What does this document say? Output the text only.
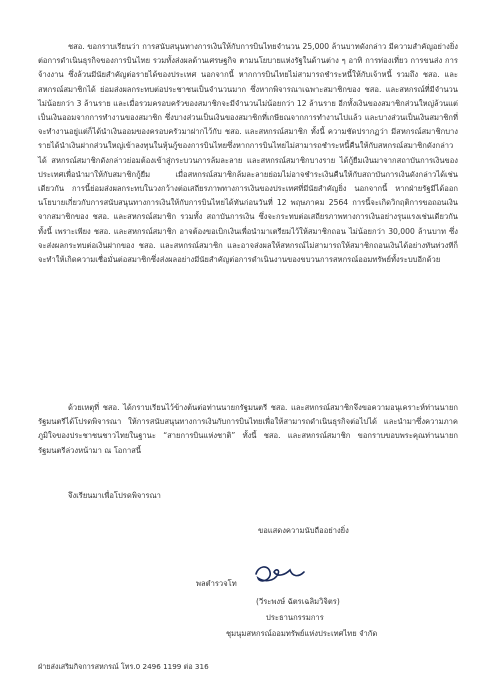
ชสอ. ขอกราบเรียนว่า การสนับสนุนทางการเงินให้กับการบินไทยจำนวน 25,000 ล้านบาทดังกล่าว มีความสำคัญอย่างยิ่งต่อการดำเนินธุรกิจของการบินไทย รวมทั้งส่งผลด้านเศรษฐกิจ ตามนโยบายแห่งรัฐในด้านต่าง ๆ อาทิ การท่องเที่ยว การขนส่ง การจ้างงาน ซึ่งล้วนมีนัยสำคัญต่อรายได้ของประเทศ นอกจากนี้ หากการบินไทยไม่สามารถชำระหนี้ให้กับเจ้าหนี้ รวมถึง ชสอ. และสหกรณ์สมาชิกได้ ย่อมส่งผลกระทบต่อประชาชนเป็นจำนวนมาก ซึ่งหากพิจารณาเฉพาะสมาชิกของ ชสอ. และสหกรณ์ที่มีจำนวนไม่น้อยกว่า 3 ล้านราย และเมื่อรวมครอบครัวของสมาชิกจะมีจำนวนไม่น้อยกว่า 12 ล้านราย อีกทั้งเงินของสมาชิกส่วนใหญ่ล้วนแต่เป็นเงินออมจากการทำงานของสมาชิก ซึ่งบางส่วนเป็นเงินของสมาชิกที่เกษียณจากการทำงานไปแล้ว และบางส่วนเป็นเงินสมาชิกที่จะทำงานอยู่แต่ก็ได้นำเงินออมของครอบครัวมาฝากไว้กับ ชสอ. และสหกรณ์สมาชิก ทั้งนี้ ความชัดปรากฏว่า มีสหกรณ์สมาชิกบางรายได้นำเงินฝากส่วนใหญ่เข้าลงทุนในหุ้นกู้ของการบินไทยซึ่งหากการบินไทยไม่สามารถชำระหนี้คืนให้กับสหกรณ์สมาชิกดังกล่าวได้ สหกรณ์สมาชิกดังกล่าวย่อมต้องเข้าสู่กระบวนการล้มละลาย และสหกรณ์สมาชิกบางราย ได้กู้ยืมเงินมาจากสถาบันการเงินของประเทศเพื่อนำมาให้กับสมาชิกกู้ยืม เมื่อสหกรณ์สมาชิกล้มละลายย่อมไม่อาจชำระเงินคืนให้กับสถาบันการเงินดังกล่าวได้เช่นเดียวกัน การนี้ย่อมส่งผลกระทบในวงกว้างต่อเสถียรภาพทางการเงินของประเทศที่มีนัยสำคัญยิ่ง นอกจากนี้ หากฝ่ายรัฐมีได้ออกนโยบายเกี่ยวกับการสนับสนุนทางการเงินให้กับการบินไทยได้ทันก่อนวันที่ 12 พฤษภาคม 2564 การนี้จะเกิดวิกฤติการขอถอนเงินจากสมาชิกของ ชสอ. และสหกรณ์สมาชิก รวมทั้ง สถาบันการเงิน ซึ่งจะกระทบต่อเสถียรภาพทางการเงินอย่างรุนแรงเช่นเดียวกัน ทั้งนี้ เพราะเพียง ชสอ. และสหกรณ์สมาชิก อาจต้องขอเบิกเงินเพื่อนำมาเตรียมไว้ให้สมาชิกถอน ไม่น้อยกว่า 30,000 ล้านบาท ซึ่งจะส่งผลกระทบต่อเงินฝากของ ชสอ. และสหกรณ์สมาชิก และอาจส่งผลให้สหกรณ์ไม่สามารถให้สมาชิกถอนเงินได้อย่างทันท่วงทีก็จะทำให้เกิดความเชื่อมั่นต่อสมาชิกซึ่งส่งผลอย่างมีนัยสำคัญต่อการดำเนินงานของขบวนการสหกรณ์ออมทรัพย์ทั้งระบบอีกด้วย

ด้วยเหตุที่ ชสอ. ได้กราบเรียนไว้ข้างต้นต่อท่านนายกรัฐมนตรี ชสอ. และสหกรณ์สมาชิกจึงขอความอนุเคราะห์ท่านนายกรัฐมนตรีได้โปรดพิจารณา ให้การสนับสนุนทางการเงินกับการบินไทยเพื่อให้สามารถดำเนินธุรกิจต่อไปได้ และนำมาซึ่งความภาคภูมิใจของประชาชนชาวไทยในฐานะ “สายการบินแห่งชาติ” ทั้งนี้ ชสอ. และสหกรณ์สมาชิก ขอกราบขอบพระคุณท่านนายกรัฐมนตรีล่วงหน้ามา ณ โอกาสนี้

จึงเรียนมาเพื่อโปรดพิจารณา

ขอแสดงความนับถืออย่างยิ่ง

พลตำรวจโท

(วีระพงษ์ ฉัตรเฉลิมวิจิตร)

ประธานกรรมการ

ชุมนุมสหกรณ์ออมทรัพย์แห่งประเทศไทย จำกัด

ฝ่ายส่งเสริมกิจการสหกรณ์ โทร.0 2496 1199 ต่อ 316
